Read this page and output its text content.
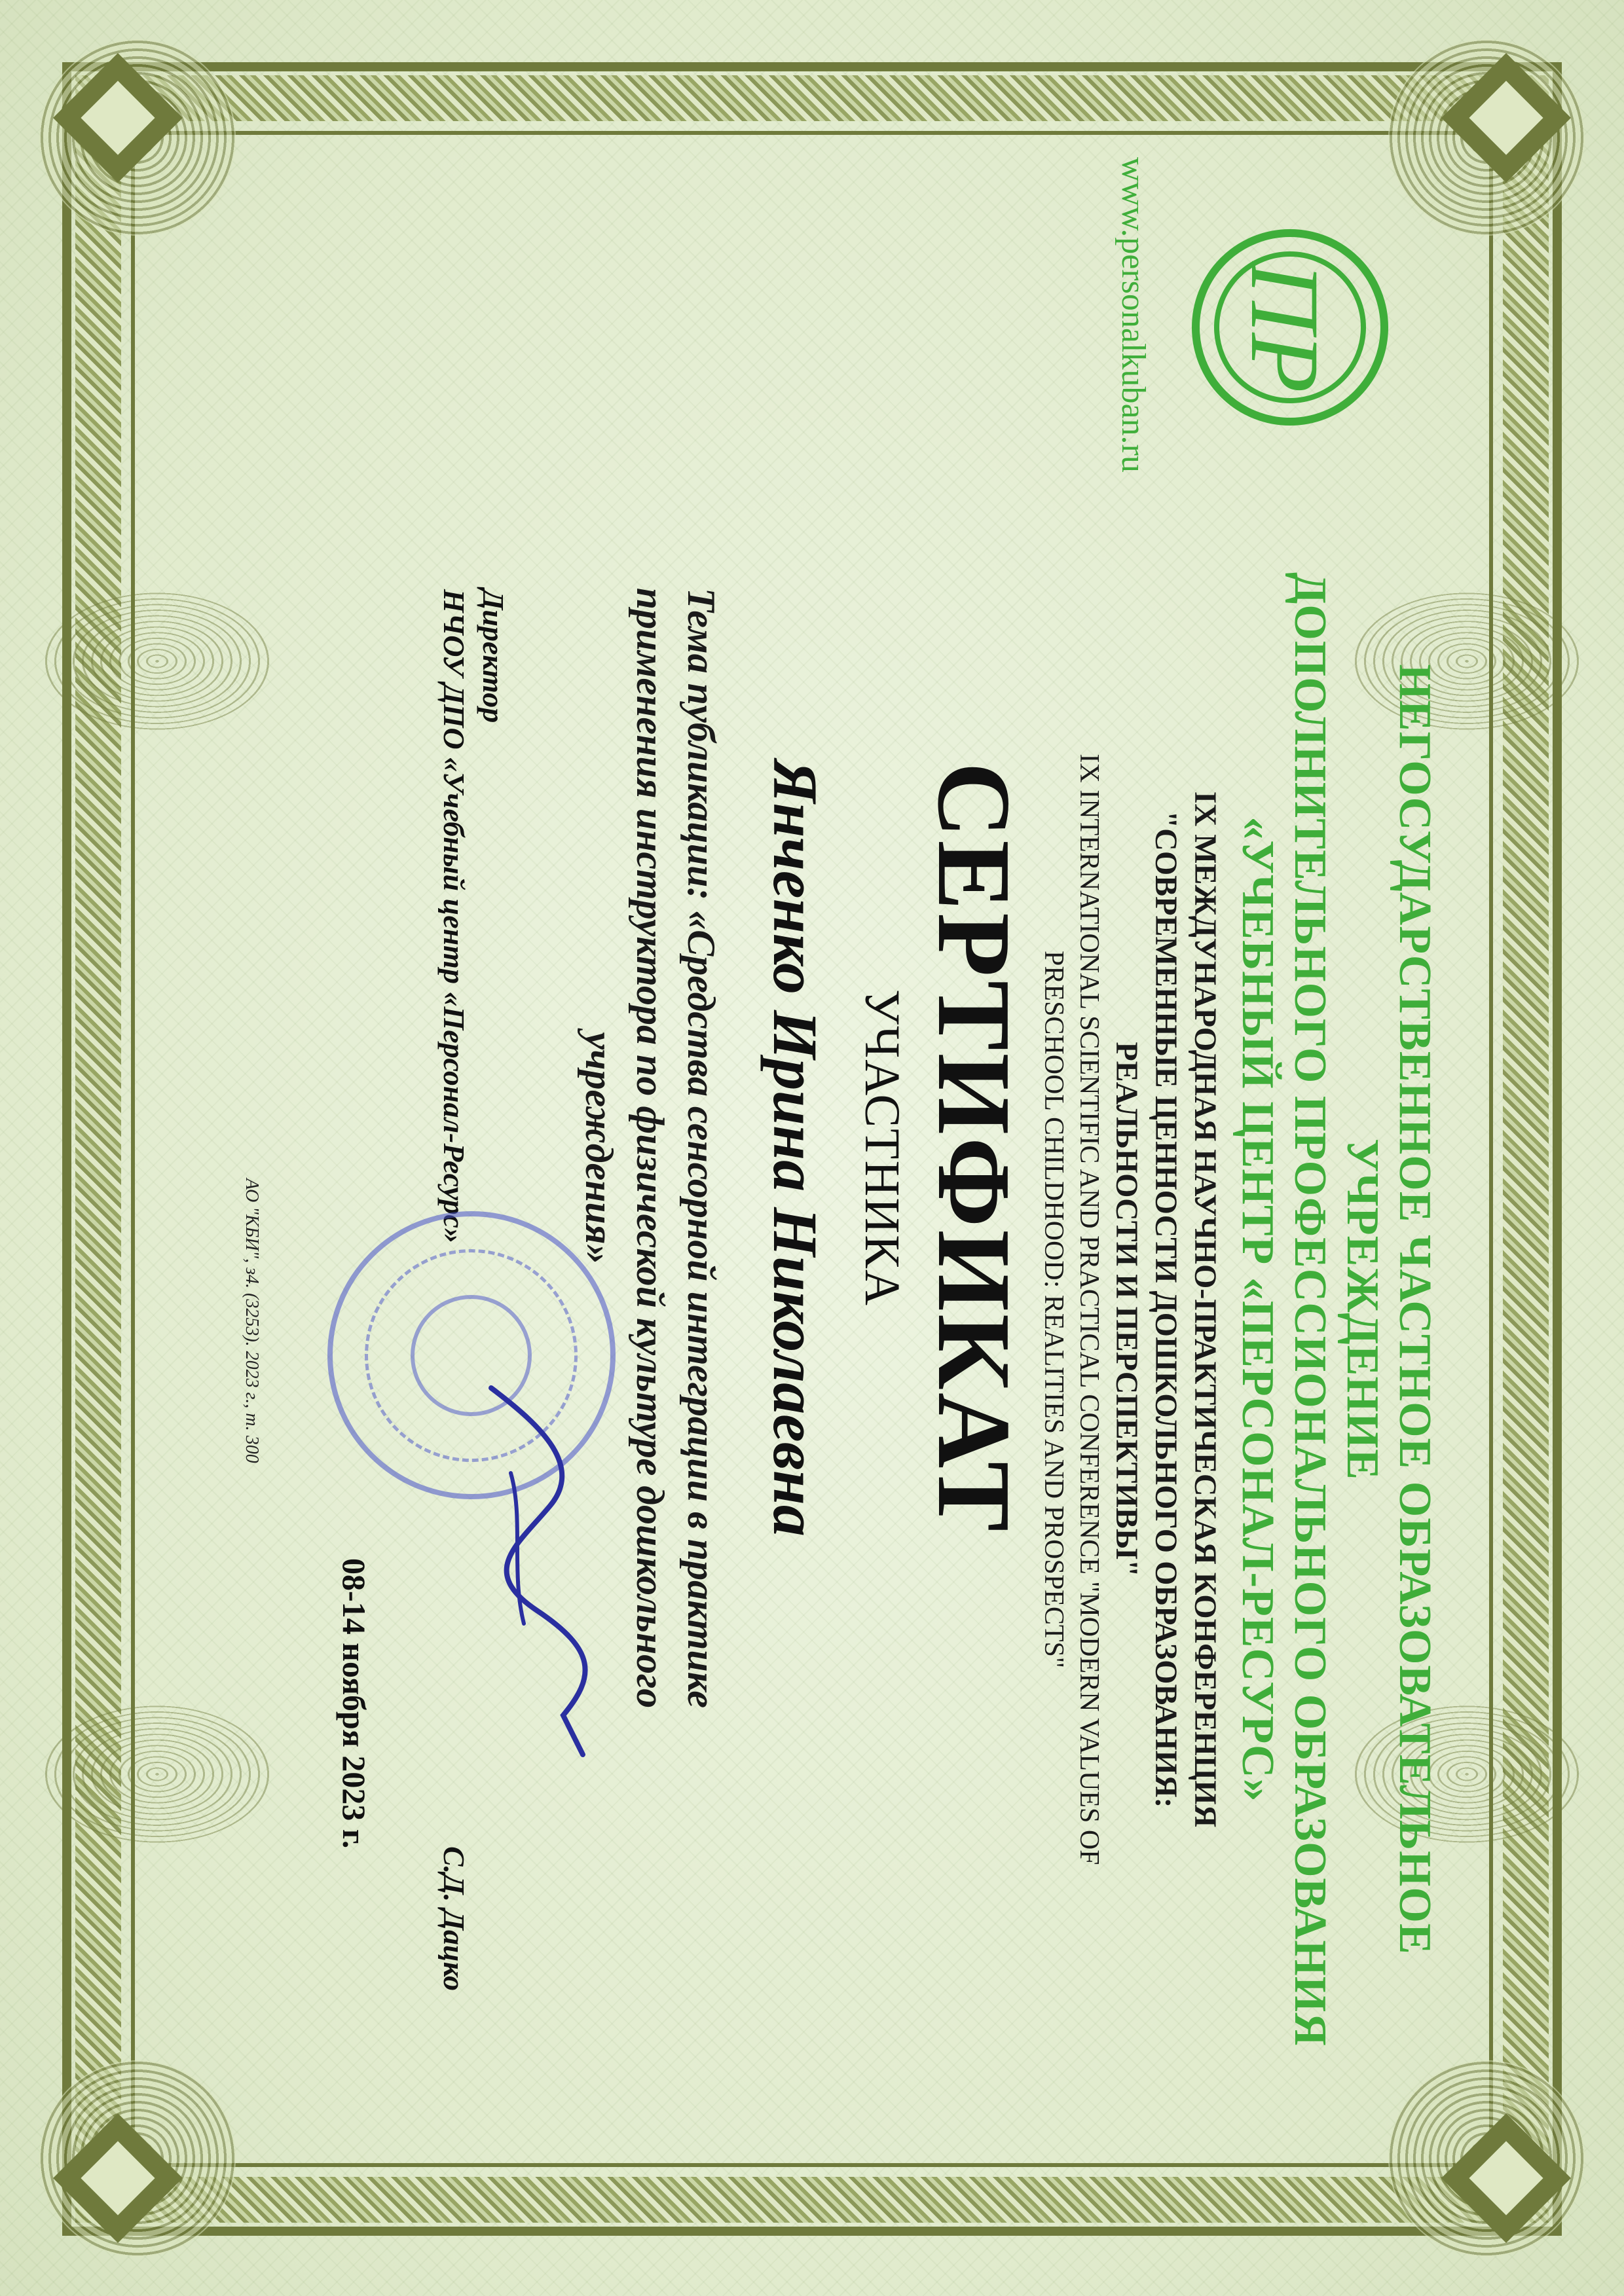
ПР
www.personalkuban.ru
НЕГОСУДАРСТВЕННОЕ ЧАСТНОЕ ОБРАЗОВАТЕЛЬНОЕ УЧРЕЖДЕНИЕ
ДОПОЛНИТЕЛЬНОГО ПРОФЕССИОНАЛЬНОГО ОБРАЗОВАНИЯ
«УЧЕБНЫЙ ЦЕНТР «ПЕРСОНАЛ-РЕСУРС»
IX МЕЖДУНАРОДНАЯ НАУЧНО-ПРАКТИЧЕСКАЯ КОНФЕРЕНЦИЯ
"СОВРЕМЕННЫЕ ЦЕННОСТИ ДОШКОЛЬНОГО ОБРАЗОВАНИЯ:
РЕАЛЬНОСТИ И ПЕРСПЕКТИВЫ"
IX INTERNATIONAL SCIENTIFIC AND PRACTICAL CONFERENCE "MODERN VALUES OF
PRESCHOOL CHILDHOOD: REALITIES AND PROSPECTS"
СЕРТИФИКАТ
УЧАСТНИКА
Янченко Ирина Николаевна
Тема публикации: «Средства сенсорной интеграции в практике
применения инструктора по физической культуре дошкольного
учреждения»
Директор
НЧОУ ДПО «Учебный центр «Персонал-Ресурс»
С.Д. Дацко
08-14 ноября 2023 г.
АО "КБИ", з4. (3253). 2023 г., т. 300
